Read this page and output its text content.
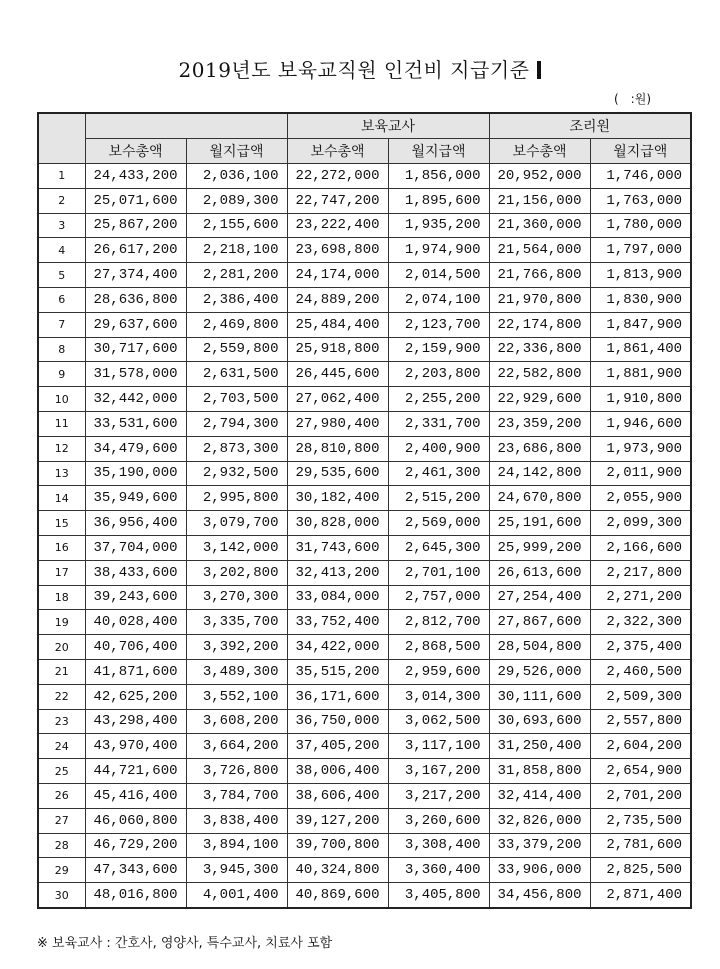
2019년도 보육교직원 인건비 지급기준
(　:원)
			보육교사		조리원	
	보수총액	월지급액	보수총액	월지급액	보수총액	월지급액
1	24,433,200	2,036,100	22,272,000	1,856,000	20,952,000	1,746,000
2	25,071,600	2,089,300	22,747,200	1,895,600	21,156,000	1,763,000
3	25,867,200	2,155,600	23,222,400	1,935,200	21,360,000	1,780,000
4	26,617,200	2,218,100	23,698,800	1,974,900	21,564,000	1,797,000
5	27,374,400	2,281,200	24,174,000	2,014,500	21,766,800	1,813,900
6	28,636,800	2,386,400	24,889,200	2,074,100	21,970,800	1,830,900
7	29,637,600	2,469,800	25,484,400	2,123,700	22,174,800	1,847,900
8	30,717,600	2,559,800	25,918,800	2,159,900	22,336,800	1,861,400
9	31,578,000	2,631,500	26,445,600	2,203,800	22,582,800	1,881,900
10	32,442,000	2,703,500	27,062,400	2,255,200	22,929,600	1,910,800
11	33,531,600	2,794,300	27,980,400	2,331,700	23,359,200	1,946,600
12	34,479,600	2,873,300	28,810,800	2,400,900	23,686,800	1,973,900
13	35,190,000	2,932,500	29,535,600	2,461,300	24,142,800	2,011,900
14	35,949,600	2,995,800	30,182,400	2,515,200	24,670,800	2,055,900
15	36,956,400	3,079,700	30,828,000	2,569,000	25,191,600	2,099,300
16	37,704,000	3,142,000	31,743,600	2,645,300	25,999,200	2,166,600
17	38,433,600	3,202,800	32,413,200	2,701,100	26,613,600	2,217,800
18	39,243,600	3,270,300	33,084,000	2,757,000	27,254,400	2,271,200
19	40,028,400	3,335,700	33,752,400	2,812,700	27,867,600	2,322,300
20	40,706,400	3,392,200	34,422,000	2,868,500	28,504,800	2,375,400
21	41,871,600	3,489,300	35,515,200	2,959,600	29,526,000	2,460,500
22	42,625,200	3,552,100	36,171,600	3,014,300	30,111,600	2,509,300
23	43,298,400	3,608,200	36,750,000	3,062,500	30,693,600	2,557,800
24	43,970,400	3,664,200	37,405,200	3,117,100	31,250,400	2,604,200
25	44,721,600	3,726,800	38,006,400	3,167,200	31,858,800	2,654,900
26	45,416,400	3,784,700	38,606,400	3,217,200	32,414,400	2,701,200
27	46,060,800	3,838,400	39,127,200	3,260,600	32,826,000	2,735,500
28	46,729,200	3,894,100	39,700,800	3,308,400	33,379,200	2,781,600
29	47,343,600	3,945,300	40,324,800	3,360,400	33,906,000	2,825,500
30	48,016,800	4,001,400	40,869,600	3,405,800	34,456,800	2,871,400
※ 보육교사 : 간호사, 영양사, 특수교사, 치료사 포함
